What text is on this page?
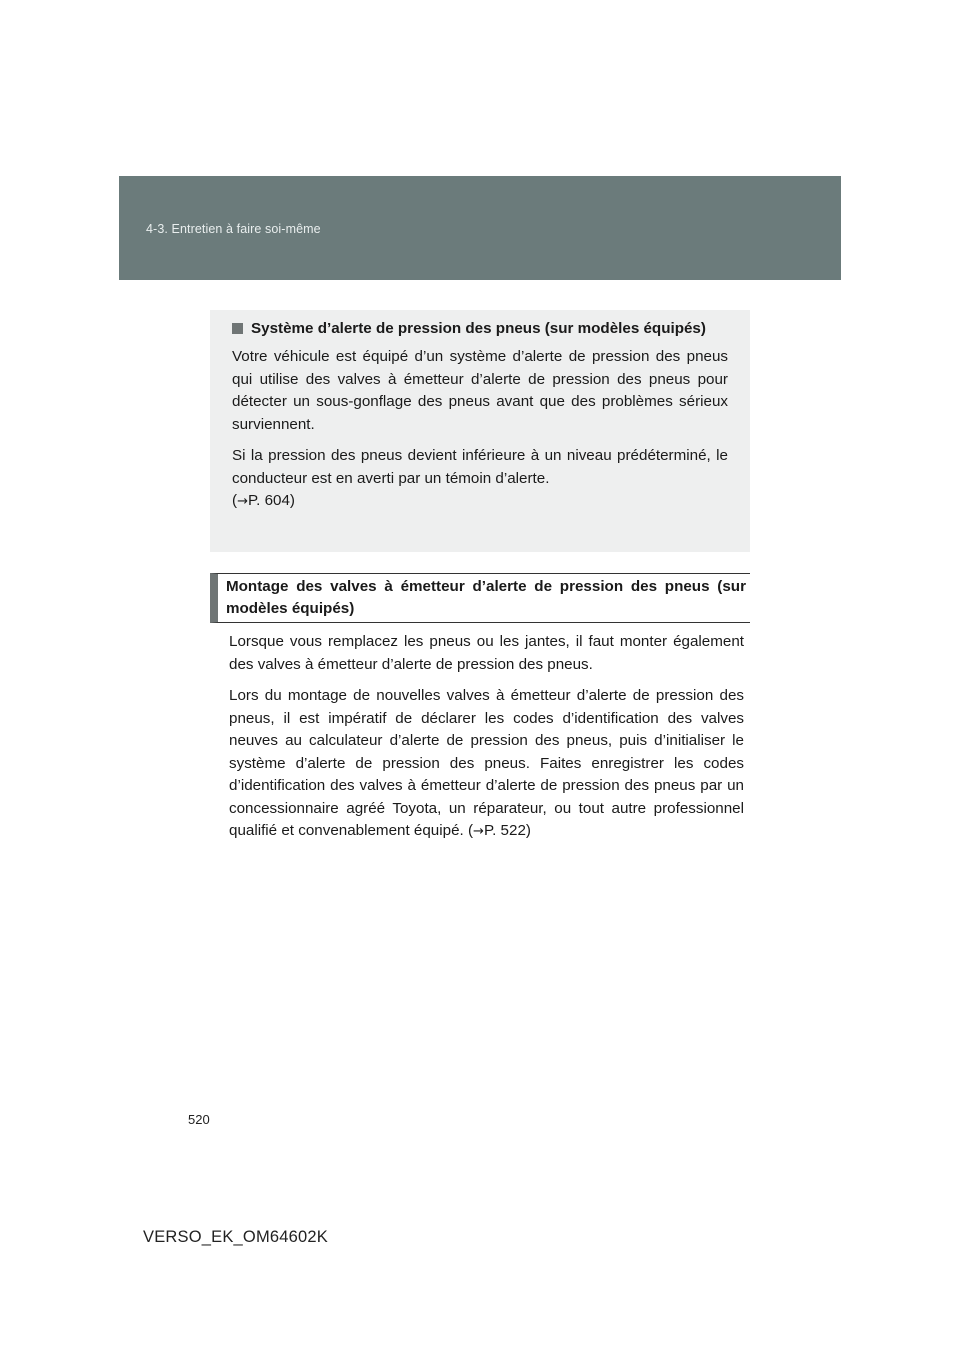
4-3. Entretien à faire soi-même
Système d’alerte de pression des pneus (sur modèles équipés)

Votre véhicule est équipé d’un système d’alerte de pression des pneus qui utilise des valves à émetteur d’alerte de pression des pneus pour détecter un sous-gonflage des pneus avant que des problèmes sérieux surviennent.

Si la pression des pneus devient inférieure à un niveau prédéterminé, le conducteur est en averti par un témoin d’alerte.
(→P. 604)

Montage des valves à émetteur d’alerte de pression des pneus (sur modèles équipés)

Lorsque vous remplacez les pneus ou les jantes, il faut monter également des valves à émetteur d’alerte de pression des pneus.

Lors du montage de nouvelles valves à émetteur d’alerte de pression des pneus, il est impératif de déclarer les codes d’identification des valves neuves au calculateur d’alerte de pression des pneus, puis d’initialiser le système d’alerte de pression des pneus. Faites enregistrer les codes d’identification des valves à émetteur d’alerte de pression des pneus par un concessionnaire agréé Toyota, un réparateur, ou tout autre professionnel qualifié et convenablement équipé. (→P. 522)

520
VERSO_EK_OM64602K
